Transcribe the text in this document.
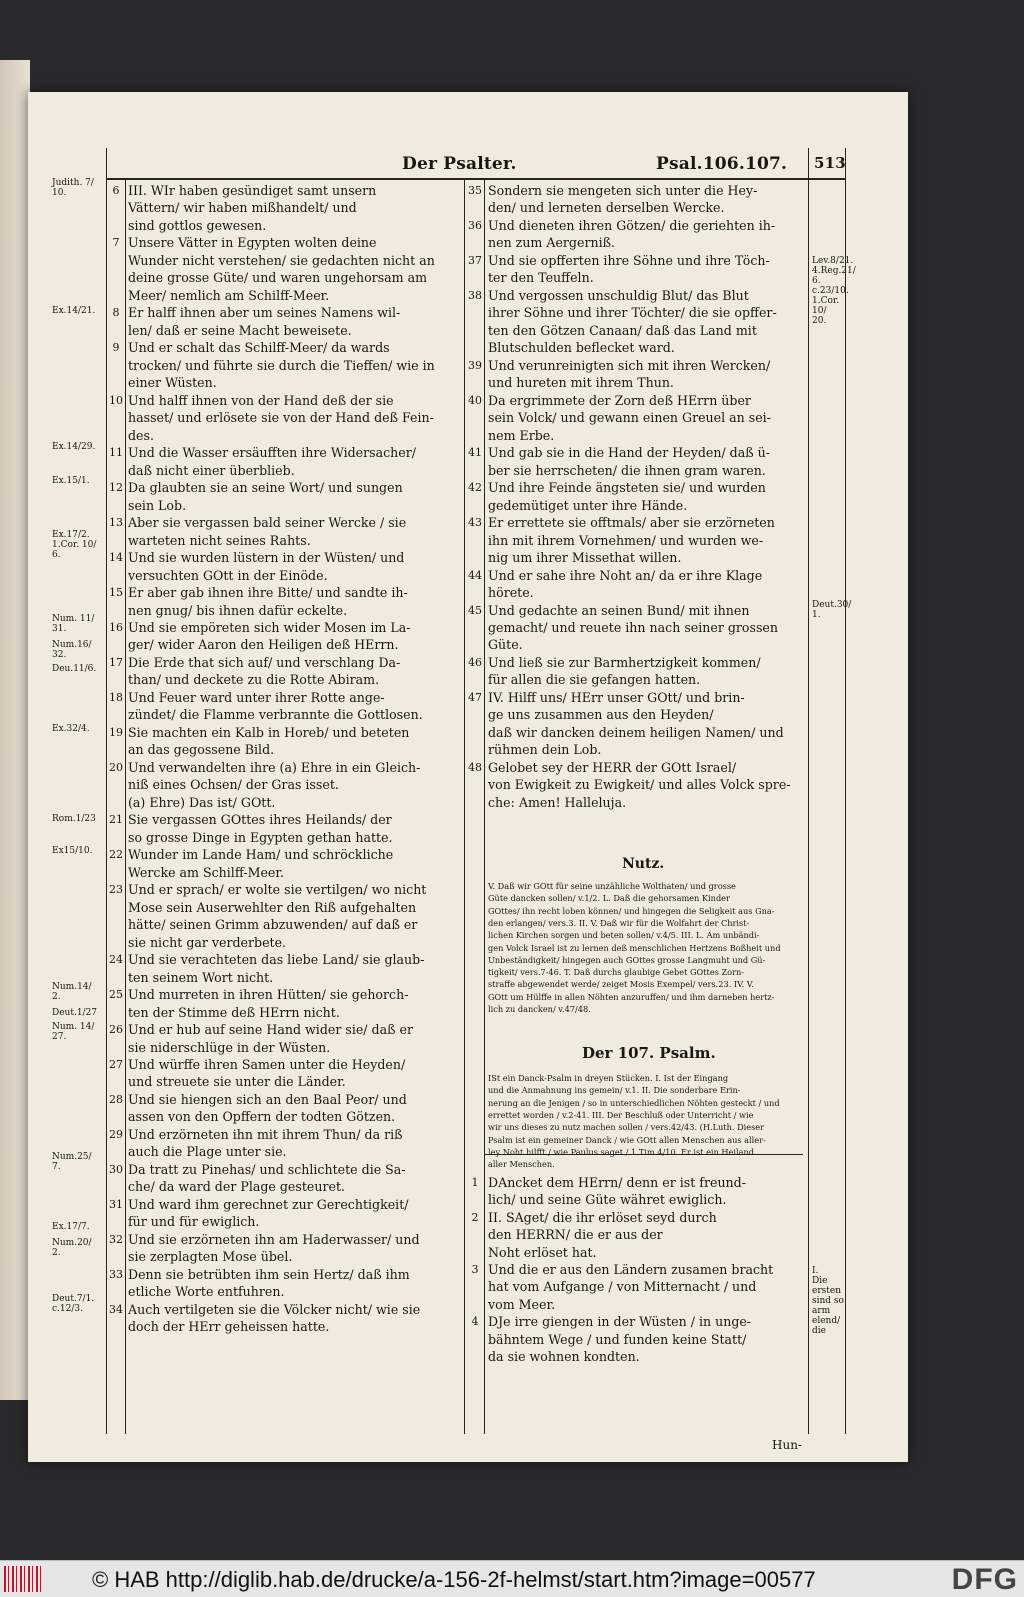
Der Psalter.	Psal.106.107. 513
Judith. 7/
10.
Ex.14/21.
Ex.14/29.
Ex.15/1.
Ex.17/2.
1.Cor. 10/
6.
Num. 11/
31.
Num.16/
32.
Deu.11/6.
Ex.32/4.
Rom.1/23
Ex15/10.
Num.14/
2.
Deut.1/27
Num. 14/
27.
Num.25/
7.
Ex.17/7.
Num.20/
2.
Deut.7/1.
c.12/3.
6
7
8
9
10
11
12
13
14
15
16
17
18
19
20
21
22
23
24
25
26
27
28
29
30
31
32
33
34
III. WIr haben gesündiget samt unsern
Vättern/ wir haben mißhandelt/ und
sind gottlos gewesen.
Unsere Vätter in Egypten wolten deine
Wunder nicht verstehen/ sie gedachten nicht an
deine grosse Güte/ und waren ungehorsam am
Meer/ nemlich am Schilff-Meer.
Er halff ihnen aber um seines Namens wil-
len/ daß er seine Macht beweisete.
Und er schalt das Schilff-Meer/ da wards
trocken/ und führte sie durch die Tieffen/ wie in
einer Wüsten.
Und halff ihnen von der Hand deß der sie
hasset/ und erlösete sie von der Hand deß Fein-
des.
Und die Wasser ersäufften ihre Widersacher/
daß nicht einer überblieb.
Da glaubten sie an seine Wort/ und sungen
sein Lob.
Aber sie vergassen bald seiner Wercke / sie
warteten nicht seines Rahts.
Und sie wurden lüstern in der Wüsten/ und
versuchten GOtt in der Einöde.
Er aber gab ihnen ihre Bitte/ und sandte ih-
nen gnug/ bis ihnen dafür eckelte.
Und sie empöreten sich wider Mosen im La-
ger/ wider Aaron den Heiligen deß HErrn.
Die Erde that sich auf/ und verschlang Da-
than/ und deckete zu die Rotte Abiram.
Und Feuer ward unter ihrer Rotte ange-
zündet/ die Flamme verbrannte die Gottlosen.
Sie machten ein Kalb in Horeb/ und beteten
an das gegossene Bild.
Und verwandelten ihre (a) Ehre in ein Gleich-
niß eines Ochsen/ der Gras isset.
(a) Ehre) Das ist/ GOtt.
Sie vergassen GOttes ihres Heilands/ der
so grosse Dinge in Egypten gethan hatte.
Wunder im Lande Ham/ und schröckliche
Wercke am Schilff-Meer.
Und er sprach/ er wolte sie vertilgen/ wo nicht
Mose sein Auserwehlter den Riß aufgehalten
hätte/ seinen Grimm abzuwenden/ auf daß er
sie nicht gar verderbete.
Und sie verachteten das liebe Land/ sie glaub-
ten seinem Wort nicht.
Und murreten in ihren Hütten/ sie gehorch-
ten der Stimme deß HErrn nicht.
Und er hub auf seine Hand wider sie/ daß er
sie niderschlüge in der Wüsten.
Und würffe ihren Samen unter die Heyden/
und streuete sie unter die Länder.
Und sie hiengen sich an den Baal Peor/ und
assen von den Opffern der todten Götzen.
Und erzörneten ihn mit ihrem Thun/ da riß
auch die Plage unter sie.
Da tratt zu Pinehas/ und schlichtete die Sa-
che/ da ward der Plage gesteuret.
Und ward ihm gerechnet zur Gerechtigkeit/
für und für ewiglich.
Und sie erzörneten ihn am Haderwasser/ und
sie zerplagten Mose übel.
Denn sie betrübten ihm sein Hertz/ daß ihm
etliche Worte entfuhren.
Auch vertilgeten sie die Völcker nicht/ wie sie
doch der HErr geheissen hatte.
35
36
37
38
39
40
41
42
43
44
45
46
47
48
Sondern sie mengeten sich unter die Hey-
den/ und lerneten derselben Wercke.
Und dieneten ihren Götzen/ die geriehten ih-
nen zum Aergerniß.
Und sie opfferten ihre Söhne und ihre Töch-
ter den Teuffeln.
Und vergossen unschuldig Blut/ das Blut
ihrer Söhne und ihrer Töchter/ die sie opffer-
ten den Götzen Canaan/ daß das Land mit
Blutschulden beflecket ward.
Und verunreinigten sich mit ihren Wercken/
und hureten mit ihrem Thun.
Da ergrimmete der Zorn deß HErrn über
sein Volck/ und gewann einen Greuel an sei-
nem Erbe.
Und gab sie in die Hand der Heyden/ daß ü-
ber sie herrscheten/ die ihnen gram waren.
Und ihre Feinde ängsteten sie/ und wurden
gedemütiget unter ihre Hände.
Er errettete sie offtmals/ aber sie erzörneten
ihn mit ihrem Vornehmen/ und wurden we-
nig um ihrer Missethat willen.
Und er sahe ihre Noht an/ da er ihre Klage
hörete.
Und gedachte an seinen Bund/ mit ihnen
gemacht/ und reuete ihn nach seiner grossen
Güte.
Und ließ sie zur Barmhertzigkeit kommen/
für allen die sie gefangen hatten.
IV. Hilff uns/ HErr unser GOtt/ und brin-
ge uns zusammen aus den Heyden/
daß wir dancken deinem heiligen Namen/ und
rühmen dein Lob.
Gelobet sey der HERR der GOtt Israel/
von Ewigkeit zu Ewigkeit/ und alles Volck spre-
che: Amen! Halleluja.
Lev.8/21.
4.Reg.21/
6.
c.23/10.
1.Cor. 10/
20.
Deut.30/
1.
I.
Die ersten
sind so arm
elend/ die
Nutz.
V. Daß wir GOtt für seine unzähliche Wolthaten/ und grosse
Güte dancken sollen/ v.1/2. L. Daß die gehorsamen Kinder
GOttes/ ihn recht loben können/ und hingegen die Seligkeit aus Gna-
den erlangen/ vers.3. II. V. Daß wir für die Wolfahrt der Christ-
lichen Kirchen sorgen und beten sollen/ v.4/5. III. L. Am unbändi-
gen Volck Israel ist zu lernen deß menschlichen Hertzens Boßheit und
Unbeständigkeit/ hingegen auch GOttes grosse Langmuht und Gü-
tigkeit/ vers.7-46. T. Daß durchs glaubige Gebet GOttes Zorn-
straffe abgewendet werde/ zeiget Mosis Exempel/ vers.23. IV. V.
GOtt um Hülffe in allen Nöhten anzuruffen/ und ihm darneben hertz-
lich zu dancken/ v.47/48.
Der 107. Psalm.
ISt ein Danck-Psalm in dreyen Stücken. I. Ist der Eingang
und die Anmahnung ins gemein/ v.1. II. Die sonderbare Erin-
nerung an die Jenigen / so in unterschiedlichen Nöhten gesteckt / und
errettet worden / v.2-41. III. Der Beschluß oder Unterricht / wie
wir uns dieses zu nutz machen sollen / vers.42/43. (H.Luth. Dieser
Psalm ist ein gemeiner Danck / wie GOtt allen Menschen aus aller-
ley Noht hilfft / wie Paulus saget / 1.Tim.4/10. Er ist ein Heiland
aller Menschen.
1
2
3
4
DAncket dem HErrn/ denn er ist freund-
lich/ und seine Güte währet ewiglich.
II. SAget/ die ihr erlöset seyd durch
den HERRN/ die er aus der
Noht erlöset hat.
Und die er aus den Ländern zusamen bracht
hat vom Aufgange / von Mitternacht / und
vom Meer.
DJe irre giengen in der Wüsten / in unge-
bähntem Wege / und funden keine Statt/
da sie wohnen kondten.
Hun-
© HAB http://diglib.hab.de/drucke/a-156-2f-helmst/start.htm?image=00577	DFG
